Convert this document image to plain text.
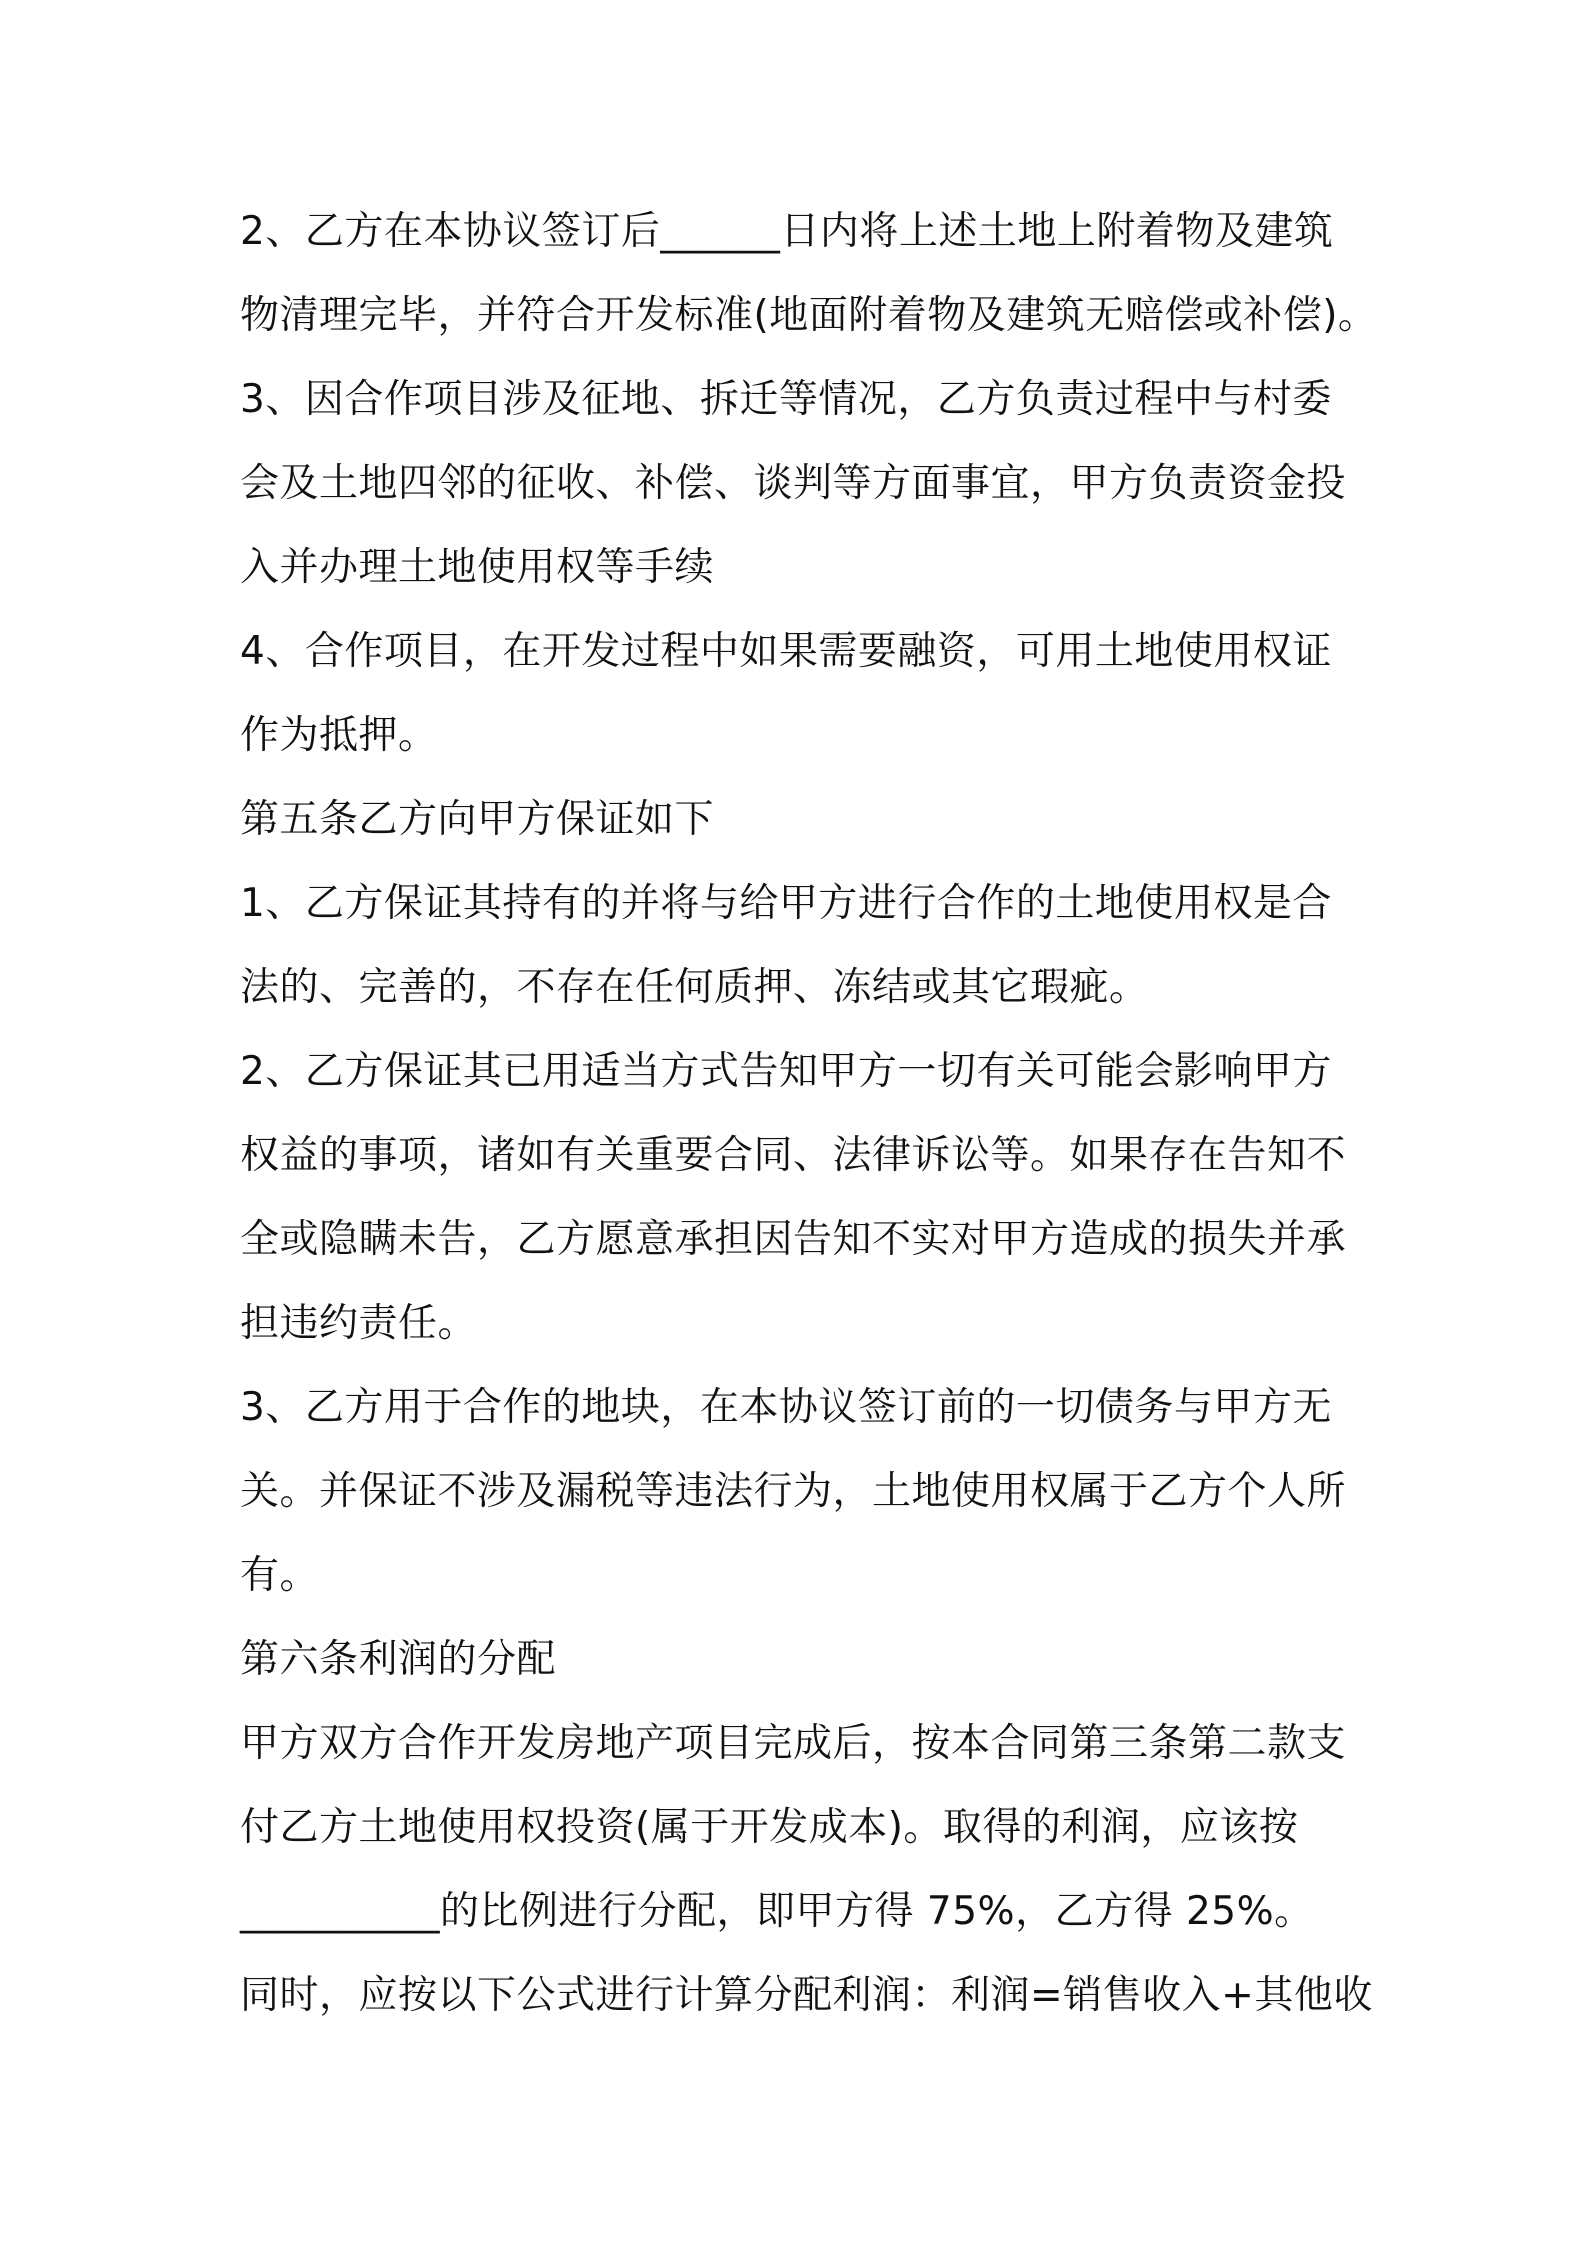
2、乙方在本协议签订后______日内将上述土地上附着物及建筑
物清理完毕，并符合开发标准(地面附着物及建筑无赔偿或补偿)。
3、因合作项目涉及征地、拆迁等情况，乙方负责过程中与村委
会及土地四邻的征收、补偿、谈判等方面事宜，甲方负责资金投
入并办理土地使用权等手续
4、合作项目，在开发过程中如果需要融资，可用土地使用权证
作为抵押。
第五条乙方向甲方保证如下
1、乙方保证其持有的并将与给甲方进行合作的土地使用权是合
法的、完善的，不存在任何质押、冻结或其它瑕疵。
2、乙方保证其已用适当方式告知甲方一切有关可能会影响甲方
权益的事项，诸如有关重要合同、法律诉讼等。如果存在告知不
全或隐瞒未告，乙方愿意承担因告知不实对甲方造成的损失并承
担违约责任。
3、乙方用于合作的地块，在本协议签订前的一切债务与甲方无
关。并保证不涉及漏税等违法行为，土地使用权属于乙方个人所
有。
第六条利润的分配
甲方双方合作开发房地产项目完成后，按本合同第三条第二款支
付乙方土地使用权投资(属于开发成本)。取得的利润，应该按
__________的比例进行分配，即甲方得 75%，乙方得 25%。
同时，应按以下公式进行计算分配利润：利润=销售收入+其他收
